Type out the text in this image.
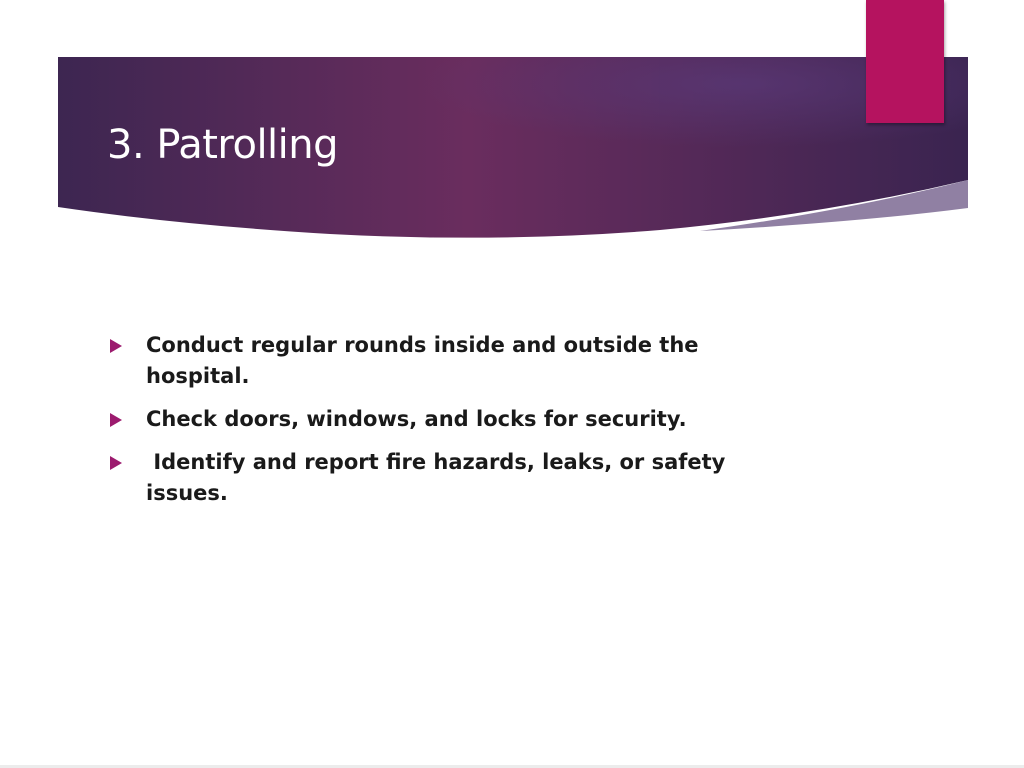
3. Patrolling
Conduct regular rounds inside and outside the hospital.
Check doors, windows, and locks for security.
Identify and report fire hazards, leaks, or safety issues.
